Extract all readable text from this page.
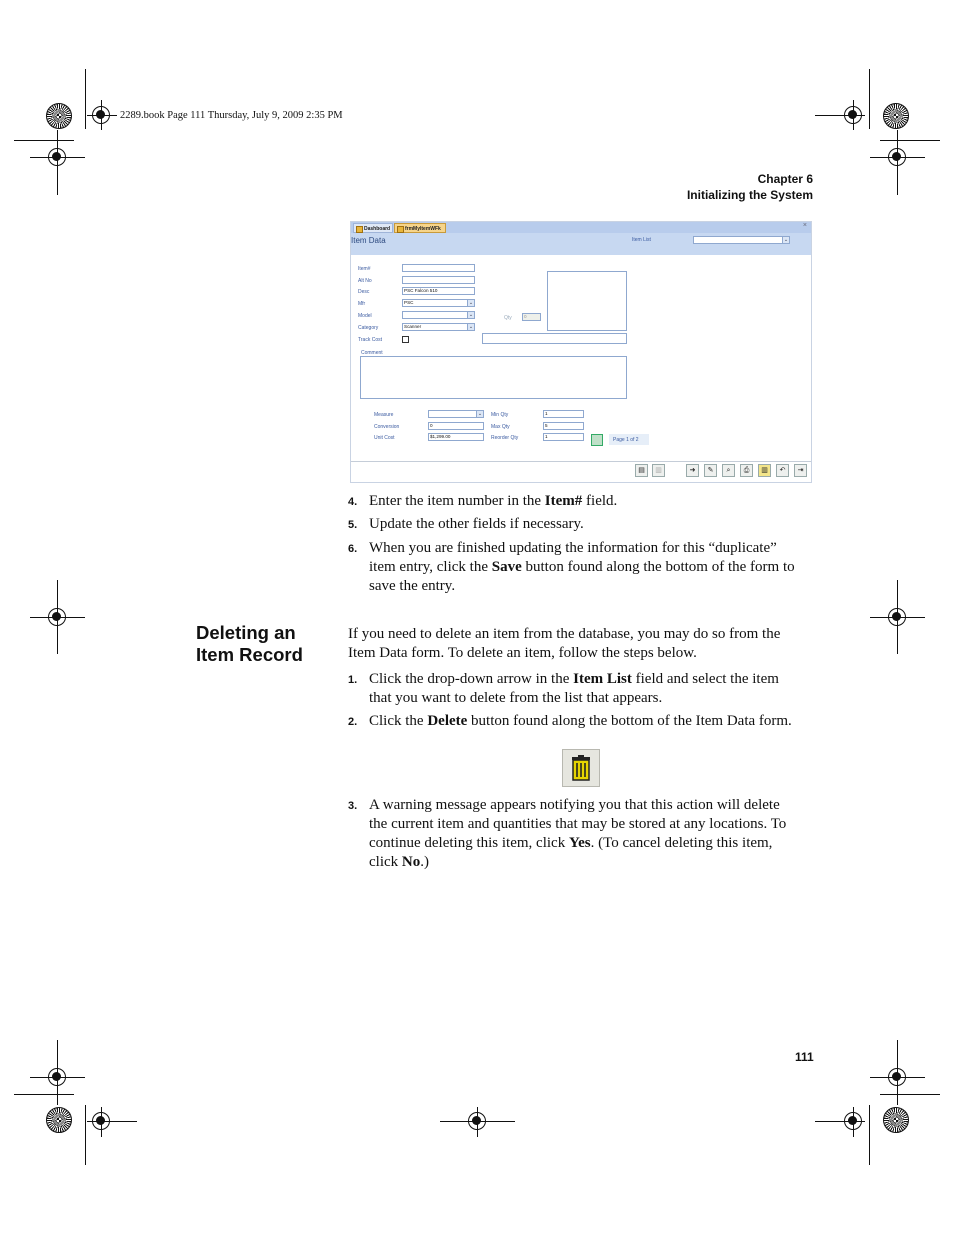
2289.book Page 111 Thursday, July 9, 2009 2:35 PM
Chapter 6
Initializing the System
Dashboard	frmMyItemWFk	×
Item Data	Item List	⌄
Item#
Alt No
Desc	PSC Falcon 510
Mfr	PSC	⌄
Model	⌄
Category	Scanner	⌄
Track Cost
Qty	0
Comment
Measure	⌄
Conversion	0
Unit Cost	$1,299.00
Min Qty	1
Max Qty	5
Reorder Qty	1
Page 1 of 2
▤	▥	➜	✎	⌕	⎙	▥	↶	⇥
4. Enter the item number in the Item# field.
5. Update the other fields if necessary.
6. When you are finished updating the information for this “duplicate”
item entry, click the Save button found along the bottom of the form to
save the entry.
Deleting an
Item Record
If you need to delete an item from the database, you may do so from the
Item Data form. To delete an item, follow the steps below.
1. Click the drop-down arrow in the Item List field and select the item
that you want to delete from the list that appears.
2. Click the Delete button found along the bottom of the Item Data form.
3. A warning message appears notifying you that this action will delete
the current item and quantities that may be stored at any locations. To
continue deleting this item, click Yes. (To cancel deleting this item,
click No.)
111
